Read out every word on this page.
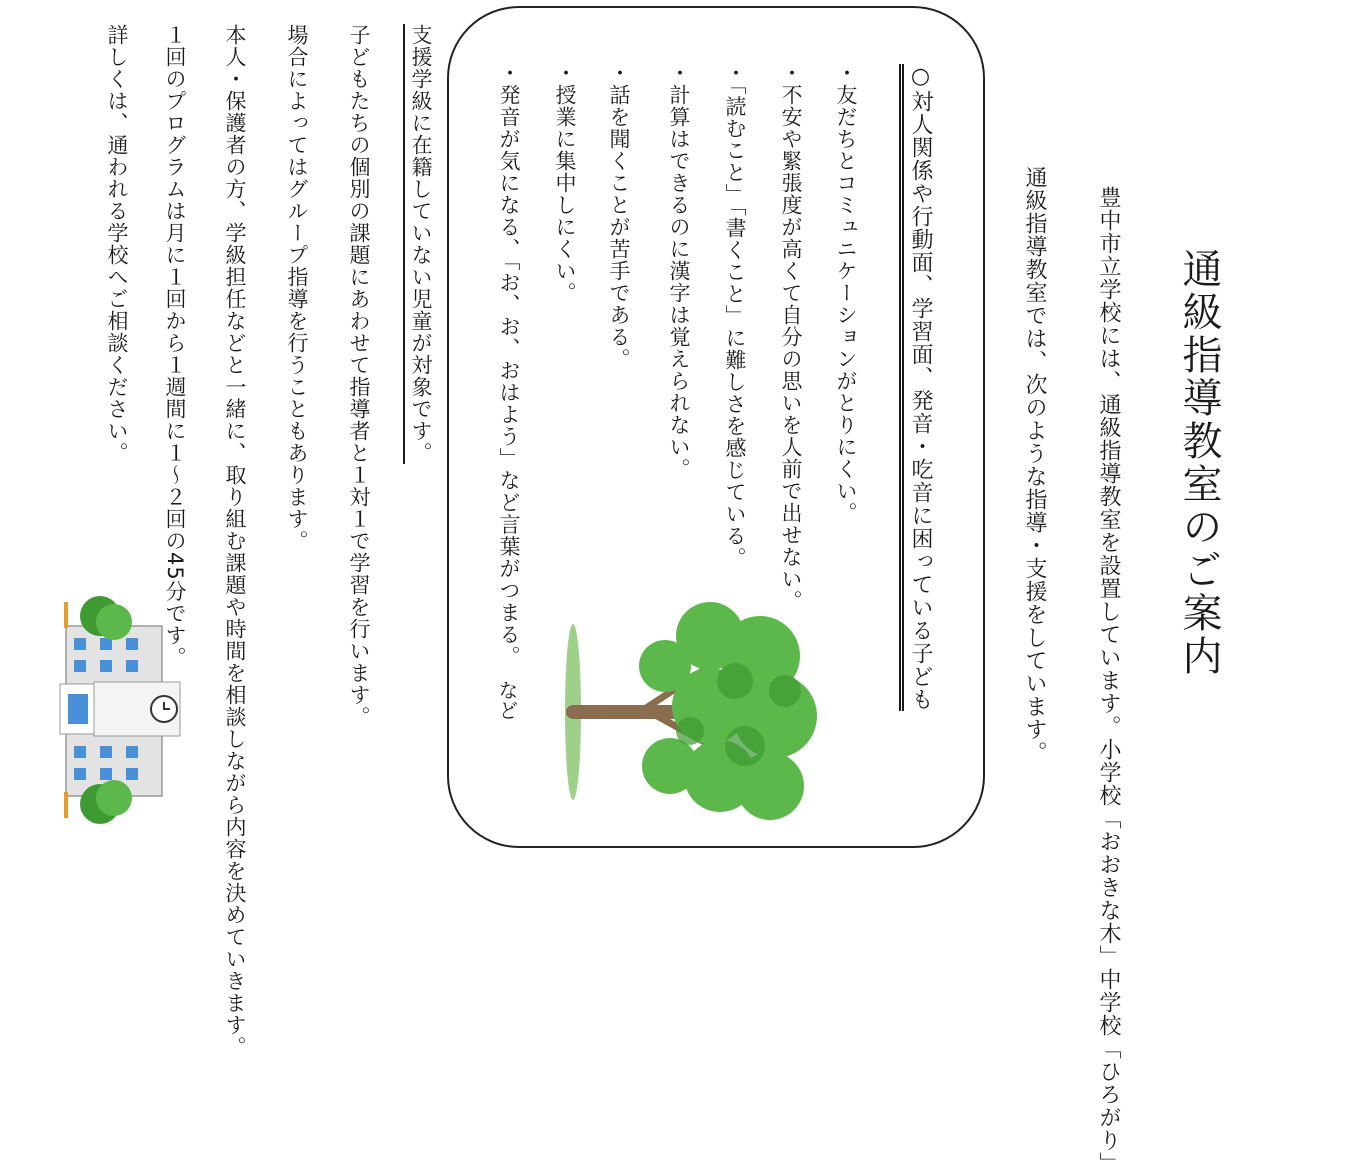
通級指導教室のご案内
豊中市立学校には、通級指導教室を設置しています。小学校「おおきな木」中学校「ひろがり」
通級指導教室では、次のような指導・支援をしています。
○対人関係や行動面、学習面、発音・吃音に困っている子ども
・友だちとコミュニケーションがとりにくい。
・不安や緊張度が高くて自分の思いを人前で出せない。
・「読むこと」「書くこと」に難しさを感じている。
・計算はできるのに漢字は覚えられない。
・話を聞くことが苦手である。
・授業に集中しにくい。
・発音が気になる、「お、お、おはよう」など言葉がつまる。
など
支援学級に在籍していない児童が対象です。
子どもたちの個別の課題にあわせて指導者と１対１で学習を行います。
場合によってはグループ指導を行うこともあります。
本人・保護者の方、学級担任などと一緒に、取り組む課題や時間を相談しながら内容を決めていきます。
１回のプログラムは月に１回から１週間に１～２回の45分です。
詳しくは、通われる学校へご相談ください。
